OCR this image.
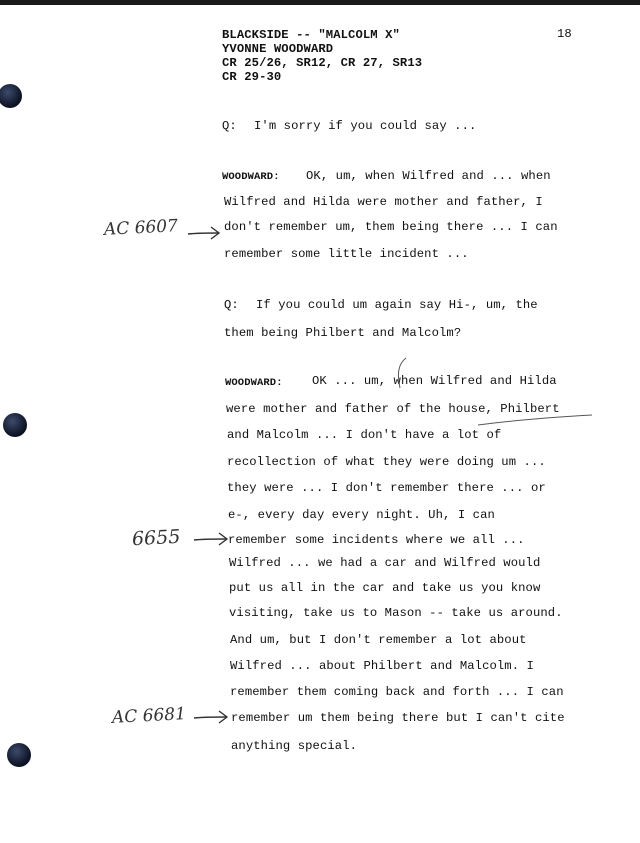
BLACKSIDE -- "MALCOLM X"
YVONNE WOODWARD
CR 25/26, SR12, CR 27, SR13
CR 29-30
18
Q: I'm sorry if you could say ...
WOODWARD: OK, um, when Wilfred and ... when
Wilfred and Hilda were mother and father, I
don't remember um, them being there ... I can
remember some little incident ...
Q: If you could um again say Hi-, um, the
them being Philbert and Malcolm?
WOODWARD: OK ... um, when Wilfred and Hilda
were mother and father of the house, Philbert
and Malcolm ... I don't have a lot of
recollection of what they were doing um ...
they were ... I don't remember there ... or
e-, every day every night. Uh, I can
remember some incidents where we all ...
Wilfred ... we had a car and Wilfred would
put us all in the car and take us you know
visiting, take us to Mason -- take us around.
And um, but I don't remember a lot about
Wilfred ... about Philbert and Malcolm. I
remember them coming back and forth ... I can
remember um them being there but I can't cite
anything special.
AC 6607
6655
AC 6681
